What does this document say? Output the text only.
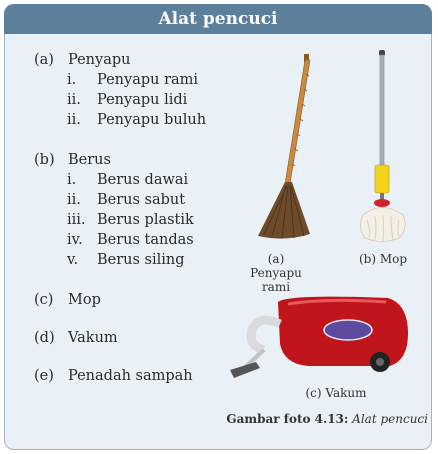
Alat pencuci
(a) Penyapu
i. Penyapu rami
ii. Penyapu lidi
ii. Penyapu buluh
(b) Berus
i. Berus dawai
ii. Berus sabut
iii. Berus plastik
iv. Berus tandas
v. Berus siling
(c) Mop
(d) Vakum
(e) Penadah sampah
(a) Penyapu rami
(b) Mop
(c) Vakum
Gambar foto 4.13: Alat pencuci
